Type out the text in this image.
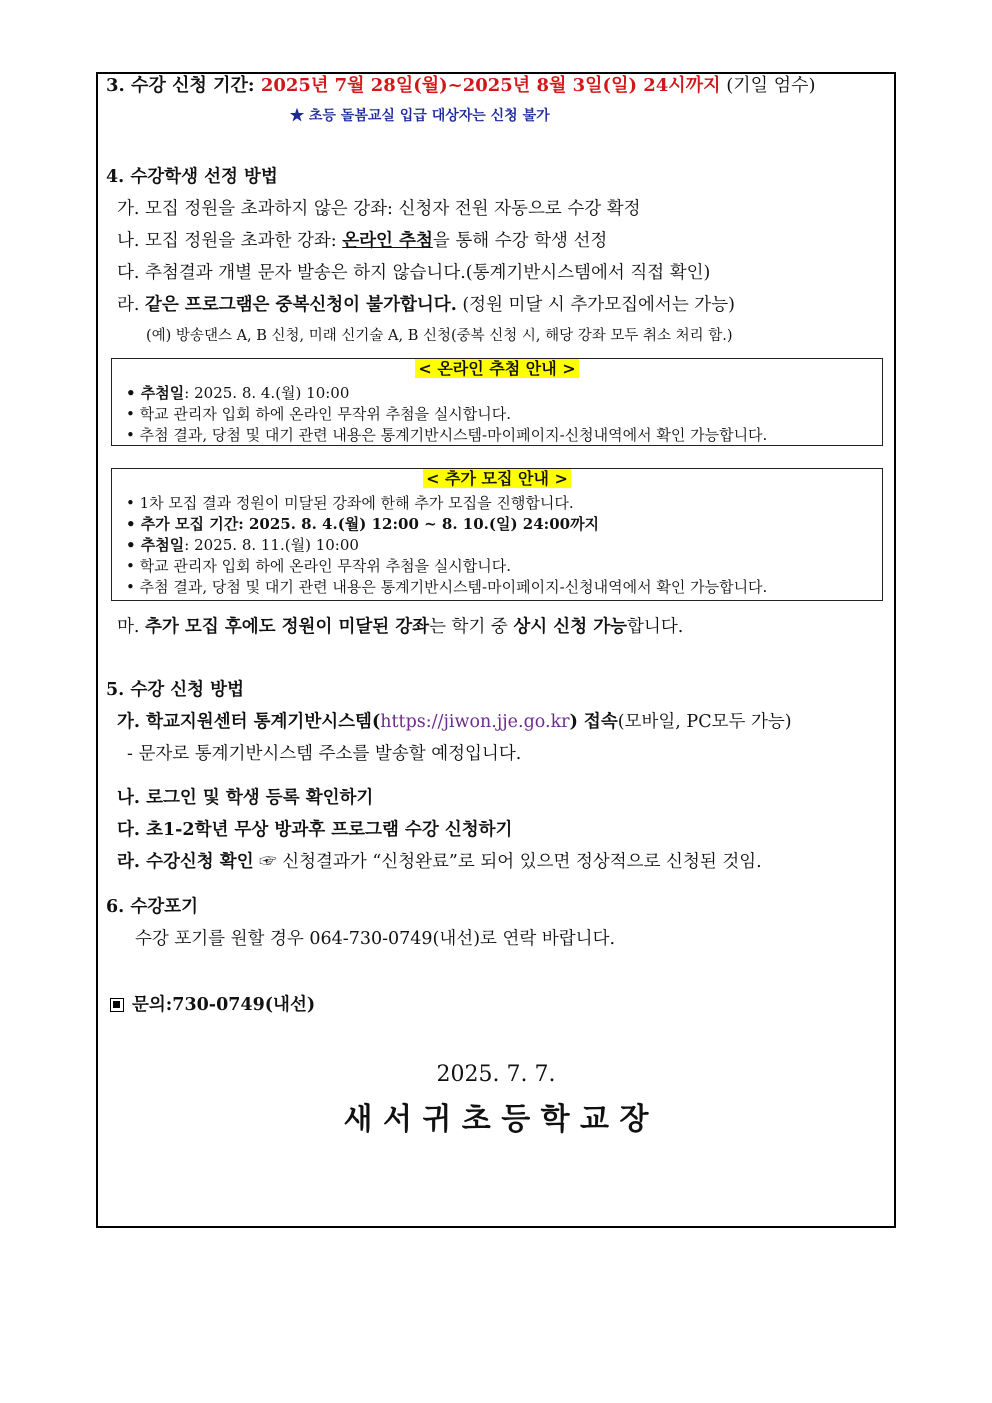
3. 수강 신청 기간: 2025년 7월 28일(월)~2025년 8월 3일(일) 24시까지 (기일 엄수)
★ 초등 돌봄교실 입급 대상자는 신청 불가
4. 수강학생 선정 방법
가. 모집 정원을 초과하지 않은 강좌: 신청자 전원 자동으로 수강 확정
나. 모집 정원을 초과한 강좌: 온라인 추첨을 통해 수강 학생 선정
다. 추첨결과 개별 문자 발송은 하지 않습니다.(통계기반시스템에서 직접 확인)
라. 같은 프로그램은 중복신청이 불가합니다. (정원 미달 시 추가모집에서는 가능)
(예) 방송댄스 A, B 신청, 미래 신기술 A, B 신청(중복 신청 시, 해당 강좌 모두 취소 처리 함.)
< 온라인 추첨 안내 >
• 추첨일: 2025. 8. 4.(월) 10:00
• 학교 관리자 입회 하에 온라인 무작위 추첨을 실시합니다.
• 추첨 결과, 당첨 및 대기 관련 내용은 통계기반시스템-마이페이지-신청내역에서 확인 가능합니다.
< 추가 모집 안내 >
• 1차 모집 결과 정원이 미달된 강좌에 한해 추가 모집을 진행합니다.
• 추가 모집 기간: 2025. 8. 4.(월) 12:00 ~ 8. 10.(일) 24:00까지
• 추첨일: 2025. 8. 11.(월) 10:00
• 학교 관리자 입회 하에 온라인 무작위 추첨을 실시합니다.
• 추첨 결과, 당첨 및 대기 관련 내용은 통계기반시스템-마이페이지-신청내역에서 확인 가능합니다.
마. 추가 모집 후에도 정원이 미달된 강좌는 학기 중 상시 신청 가능합니다.
5. 수강 신청 방법
가. 학교지원센터 통계기반시스템(https://jiwon.jje.go.kr) 접속(모바일, PC모두 가능)
- 문자로 통계기반시스템 주소를 발송할 예정입니다.
나. 로그인 및 학생 등록 확인하기
다. 초1-2학년 무상 방과후 프로그램 수강 신청하기
라. 수강신청 확인 ☞ 신청결과가 “신청완료”로 되어 있으면 정상적으로 신청된 것임.
6. 수강포기
수강 포기를 원할 경우 064-730-0749(내선)로 연락 바랍니다.
문의:730-0749(내선)
2025. 7. 7.
새 서 귀 초 등 학 교 장
